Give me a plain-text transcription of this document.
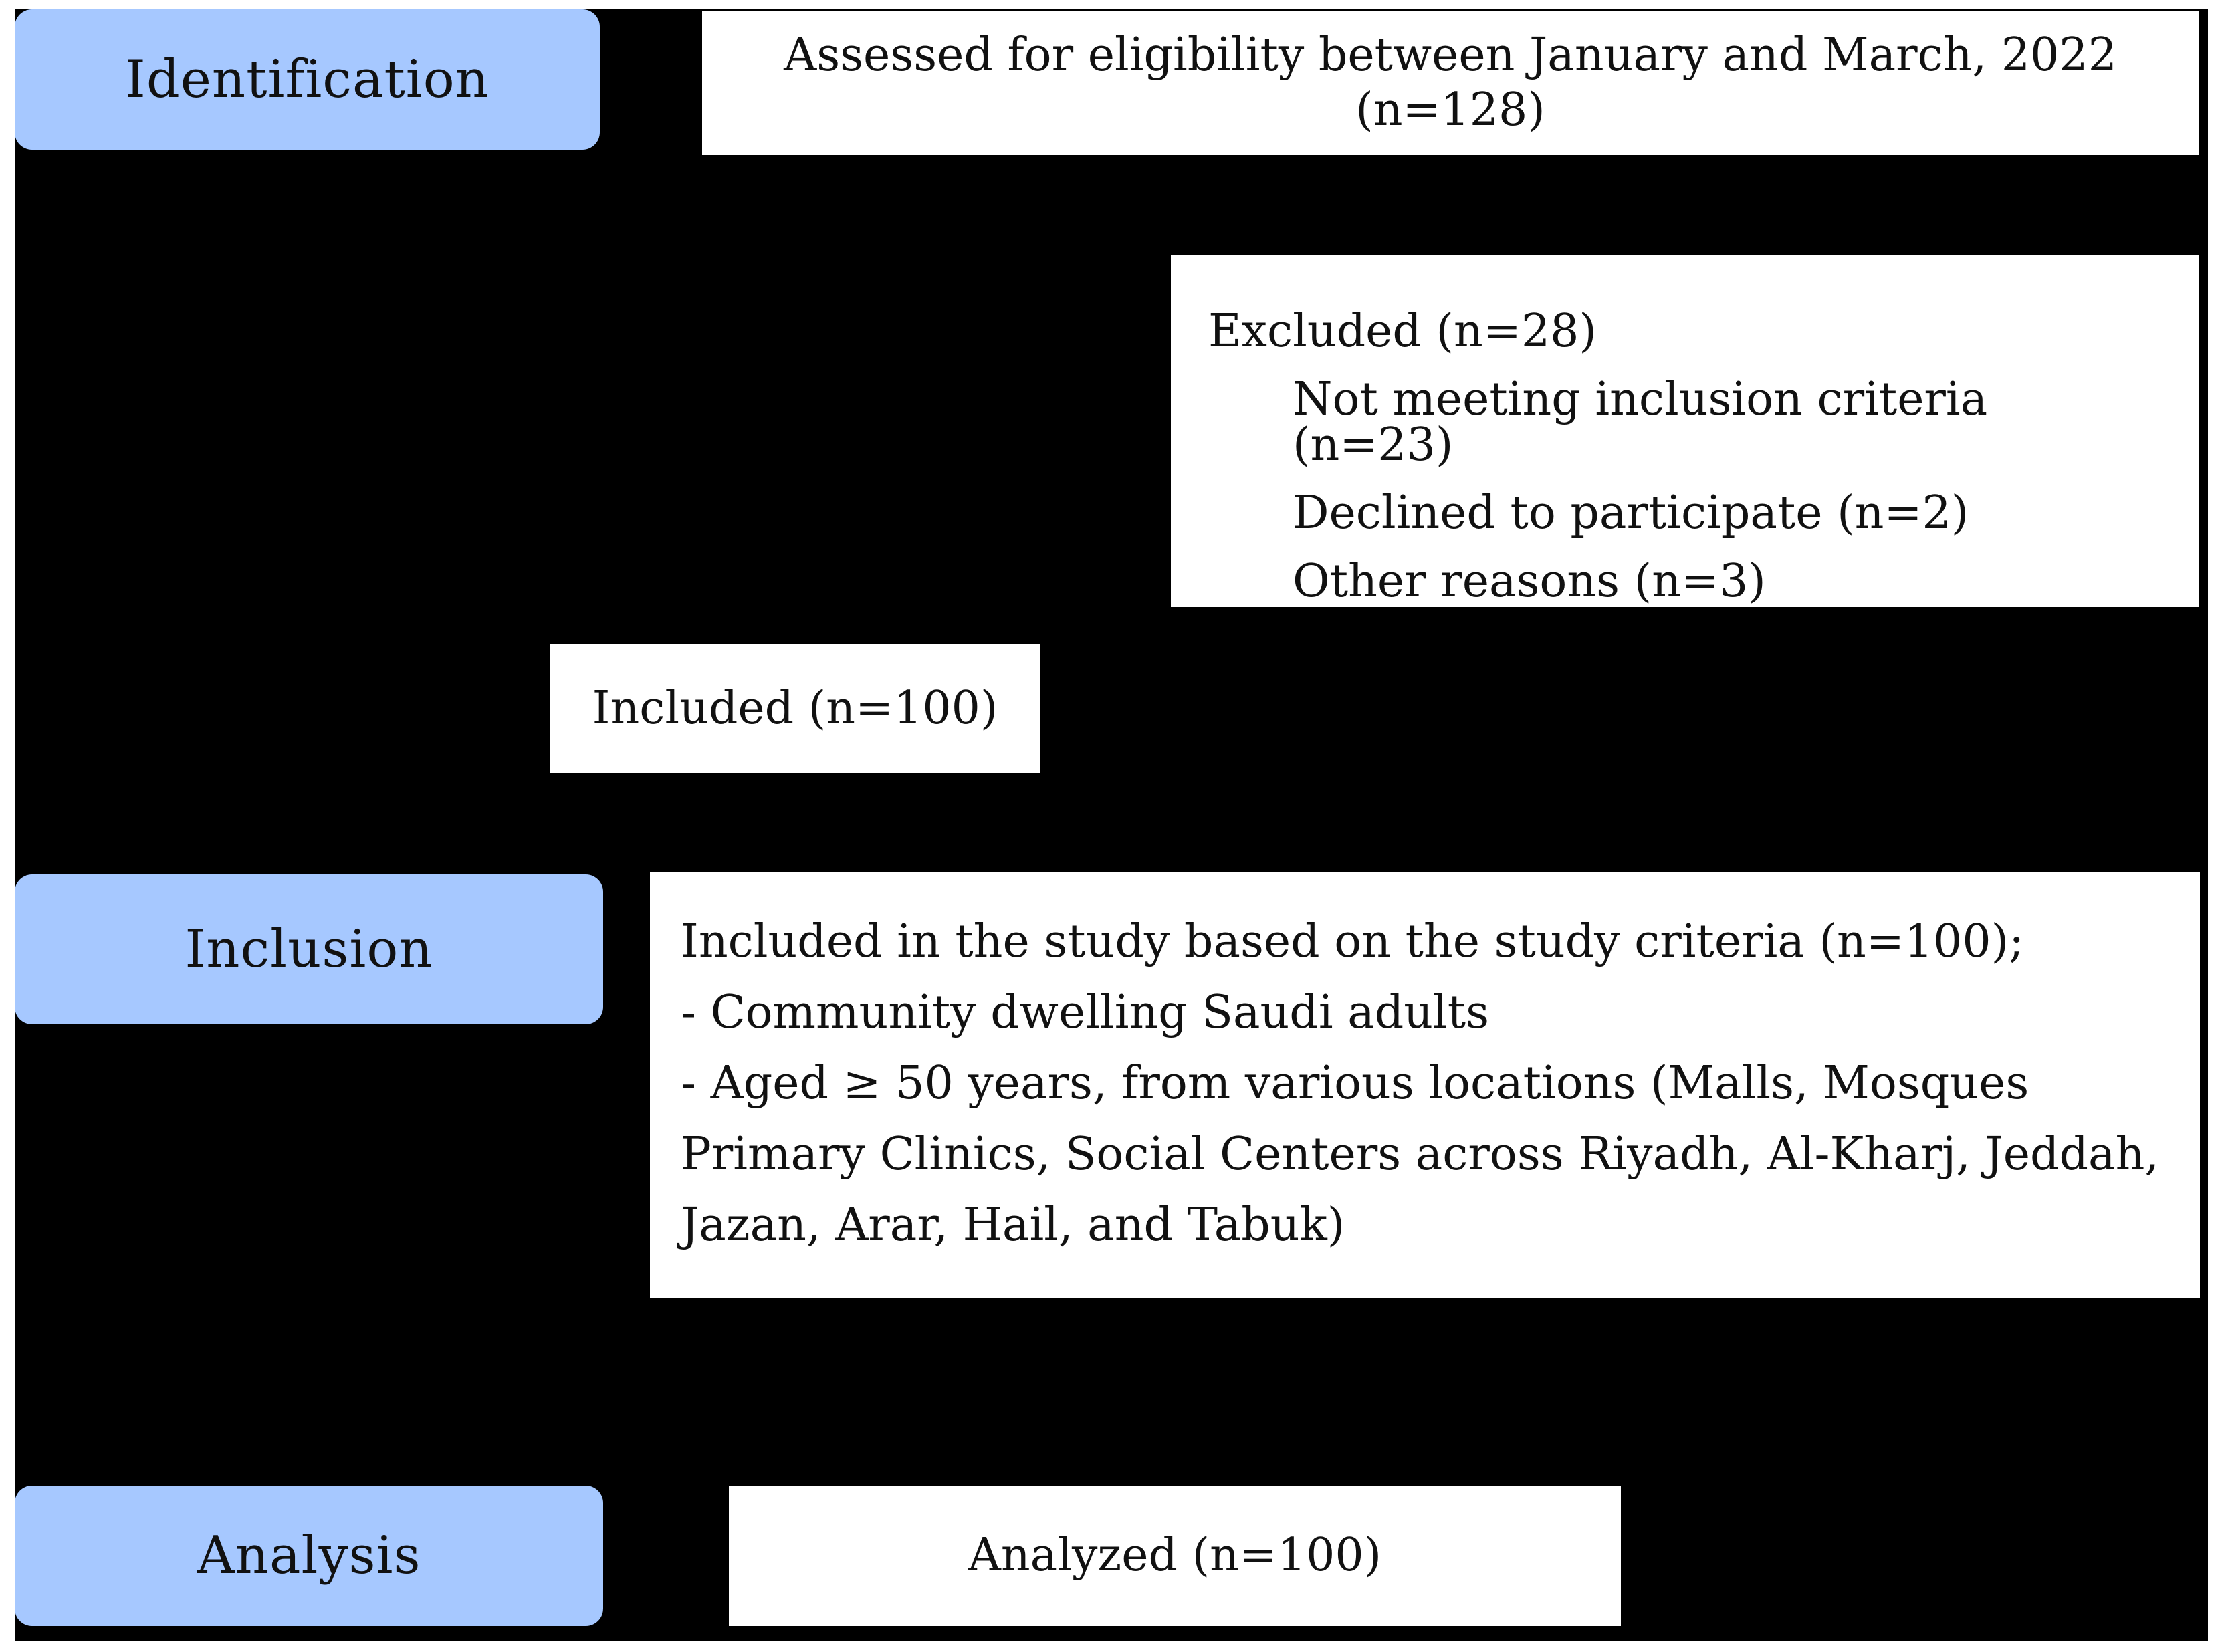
Identification	Assessed for eligibility between January and March, 2022 (n=128)
Excluded (n=28)
Not meeting inclusion criteria (n=23)
Declined to participate (n=2)
Other reasons (n=3)
Included (n=100)
Inclusion	Included in the study based on the study criteria (n=100);
- Community dwelling Saudi adults
- Aged ≥ 50 years, from various locations (Malls, Mosques Primary Clinics, Social Centers across Riyadh, Al-Kharj, Jeddah, Jazan, Arar, Hail, and Tabuk)
Analysis	Analyzed (n=100)
